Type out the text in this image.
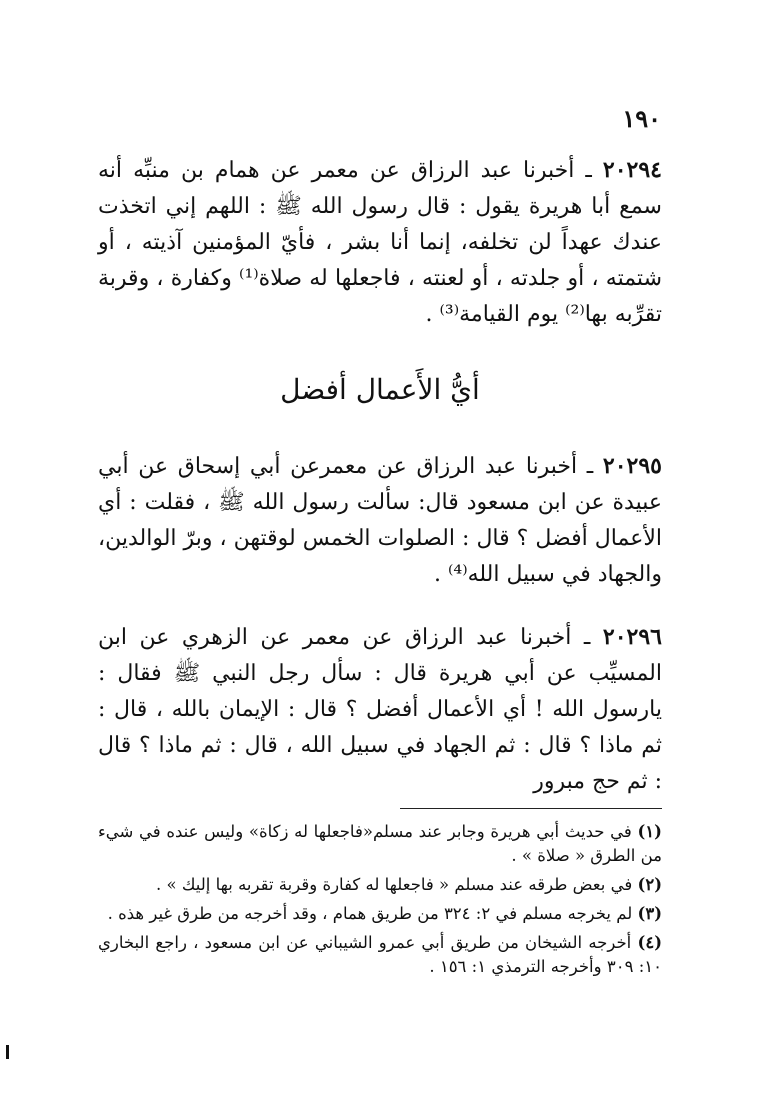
١٩٠

٢٠٢٩٤ ـ أخبرنا عبد الرزاق عن معمر عن همام بن منبِّه أنه سمع أبا هريرة يقول : قال رسول الله ﷺ : اللهم إني اتخذت عندك عهداً لن تخلفه، إنما أنا بشر ، فأيّ المؤمنين آذيته ، أو شتمته ، أو جلدته ، أو لعنته ، فاجعلها له صلاة⁽¹⁾ وكفارة ، وقربة تقرِّبه بها⁽²⁾ يوم القيامة⁽³⁾ .

أيُّ الأَعمال أفضل

٢٠٢٩٥ ـ أخبرنا عبد الرزاق عن معمرعن أبي إسحاق عن أبي عبيدة عن ابن مسعود قال: سألت رسول الله ﷺ ، فقلت : أي الأعمال أفضل ؟ قال : الصلوات الخمس لوقتهن ، وبرّ الوالدين، والجهاد في سبيل الله⁽⁴⁾ .

٢٠٢٩٦ ـ أخبرنا عبد الرزاق عن معمر عن الزهري عن ابن المسيِّب عن أبي هريرة قال : سأل رجل النبي ﷺ فقال : يارسول الله ! أي الأعمال أفضل ؟ قال : الإيمان بالله ، قال : ثم ماذا ؟ قال : ثم الجهاد في سبيل الله ، قال : ثم ماذا ؟ قال : ثم حج مبرور

(١) في حديث أبي هريرة وجابر عند مسلم«فاجعلها له زكاة» وليس عنده في شيء من الطرق « صلاة » .

(٢) في بعض طرقه عند مسلم « فاجعلها له كفارة وقربة تقربه بها إليك » .

(٣) لم يخرجه مسلم في ٢: ٣٢٤ من طريق همام ، وقد أخرجه من طرق غير هذه .

(٤) أخرجه الشيخان من طريق أبي عمرو الشيباني عن ابن مسعود ، راجع البخاري ١٠: ٣٠٩ وأخرجه الترمذي ١: ١٥٦ .
